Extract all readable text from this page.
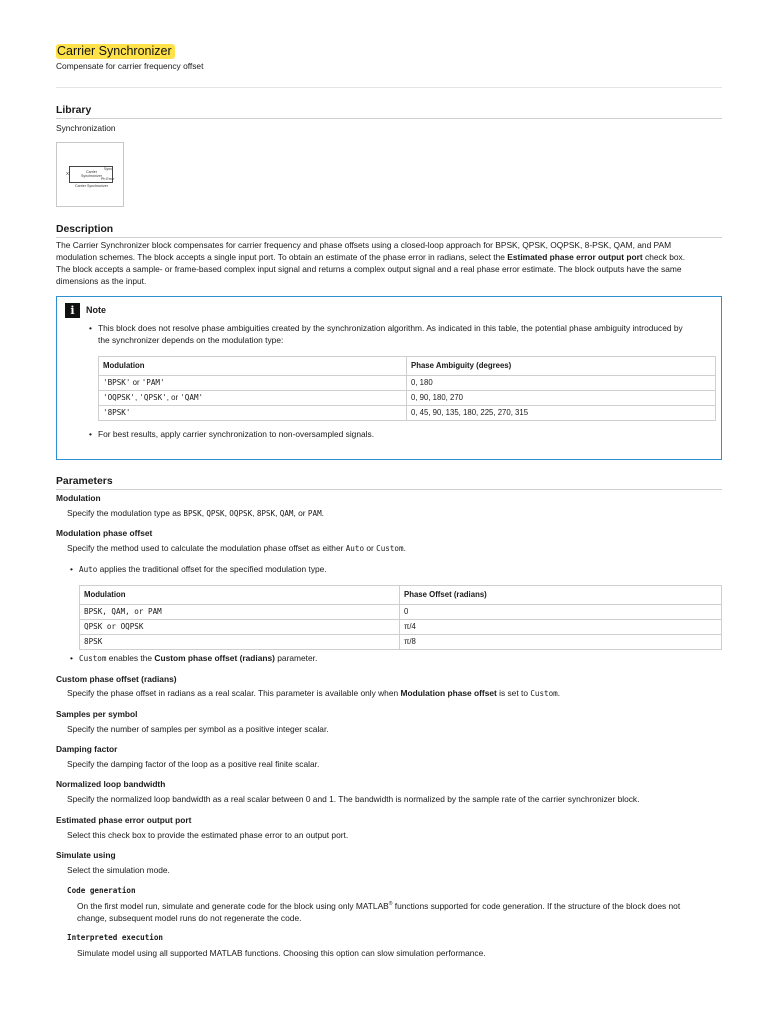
Carrier Synchronizer
Compensate for carrier frequency offset
Library
Synchronization
X
Sync
Carrier
Synchronizer
Ph Error
Carrier Synchronizer
Description
The Carrier Synchronizer block compensates for carrier frequency and phase offsets using a closed-loop approach for BPSK, QPSK, OQPSK, 8-PSK, QAM, and PAM
modulation schemes. The block accepts a single input port. To obtain an estimate of the phase error in radians, select the Estimated phase error output port check box.
The block accepts a sample- or frame-based complex input signal and returns a complex output signal and a real phase error estimate. The block outputs have the same
dimensions as the input.
i	Note
• This block does not resolve phase ambiguities created by the synchronization algorithm. As indicated in this table, the potential phase ambiguity introduced by
the synchronizer depends on the modulation type:
Modulation	Phase Ambiguity (degrees)
'BPSK' or 'PAM'	0, 180
'OQPSK', 'QPSK', or 'QAM'	0, 90, 180, 270
'8PSK'	0, 45, 90, 135, 180, 225, 270, 315
• For best results, apply carrier synchronization to non-oversampled signals.
Parameters
Modulation
Specify the modulation type as BPSK, QPSK, OQPSK, 8PSK, QAM, or PAM.
Modulation phase offset
Specify the method used to calculate the modulation phase offset as either Auto or Custom.
• Auto applies the traditional offset for the specified modulation type.
Modulation	Phase Offset (radians)
BPSK, QAM, or PAM	0
QPSK or OQPSK	π/4
8PSK	π/8
• Custom enables the Custom phase offset (radians) parameter.
Custom phase offset (radians)
Specify the phase offset in radians as a real scalar. This parameter is available only when Modulation phase offset is set to Custom.
Samples per symbol
Specify the number of samples per symbol as a positive integer scalar.
Damping factor
Specify the damping factor of the loop as a positive real finite scalar.
Normalized loop bandwidth
Specify the normalized loop bandwidth as a real scalar between 0 and 1. The bandwidth is normalized by the sample rate of the carrier synchronizer block.
Estimated phase error output port
Select this check box to provide the estimated phase error to an output port.
Simulate using
Select the simulation mode.
Code generation
On the first model run, simulate and generate code for the block using only MATLAB® functions supported for code generation. If the structure of the block does not
change, subsequent model runs do not regenerate the code.
Interpreted execution
Simulate model using all supported MATLAB functions. Choosing this option can slow simulation performance.
